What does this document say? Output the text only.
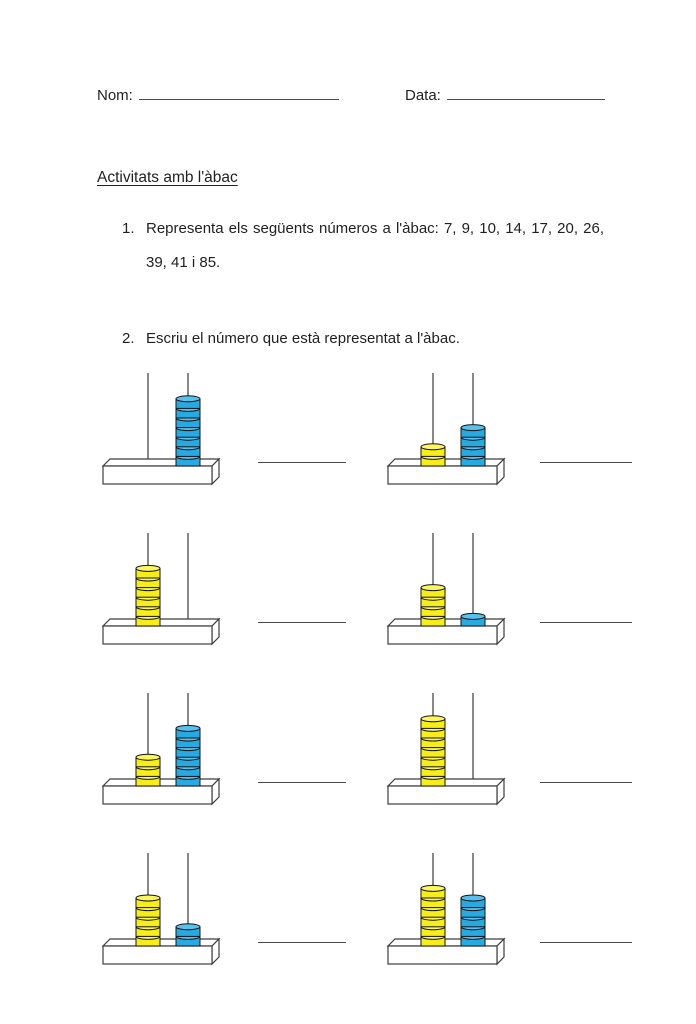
Nom:	Data:
Activitats amb l'àbac
1. Representa els següents números a l'àbac: 7, 9, 10, 14, 17, 20, 26, 39, 41 i 85.
2. Escriu el número que està representat a l'àbac.
